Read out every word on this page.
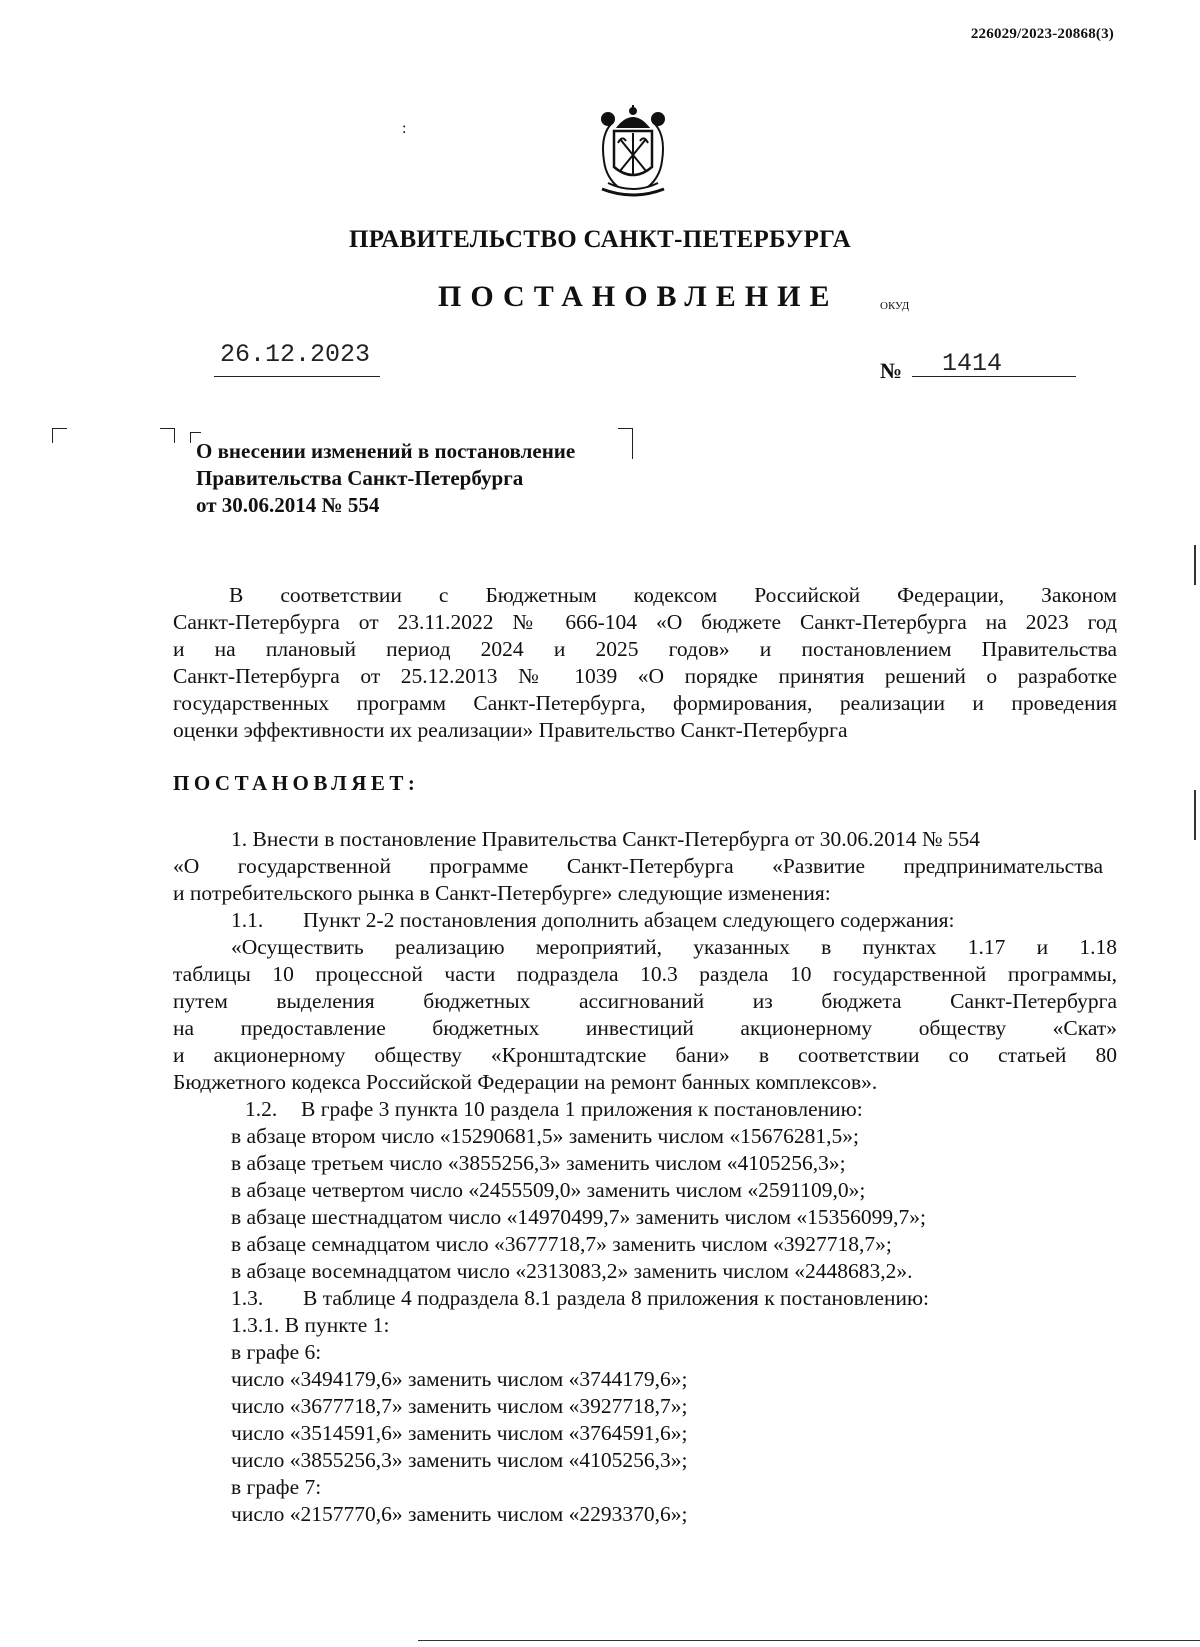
226029/2023-20868(3)
:
ПРАВИТЕЛЬСТВО САНКТ-ПЕТЕРБУРГА
ПОСТАНОВЛЕНИЕ	ОКУД
26.12.2023
№ 1414
О внесении изменений в постановление
Правительства Санкт-Петербурга
от 30.06.2014 № 554
В соответствии с Бюджетным кодексом Российской Федерации, Законом
Санкт-Петербурга от 23.11.2022 № 666-104 «О бюджете Санкт-Петербурга на 2023 год
и на плановый период 2024 и 2025 годов» и постановлением Правительства
Санкт-Петербурга от 25.12.2013 № 1039 «О порядке принятия решений о разработке
государственных программ Санкт-Петербурга, формирования, реализации и проведения
оценки эффективности их реализации» Правительство Санкт-Петербурга
ПОСТАНОВЛЯЕТ:
1. Внести в постановление Правительства Санкт-Петербурга от 30.06.2014 № 554
«О государственной программе Санкт-Петербурга «Развитие предпринимательства
и потребительского рынка в Санкт-Петербурге» следующие изменения:
1.1. Пункт 2-2 постановления дополнить абзацем следующего содержания:
«Осуществить реализацию мероприятий, указанных в пунктах 1.17 и 1.18
таблицы 10 процессной части подраздела 10.3 раздела 10 государственной программы,
путем выделения бюджетных ассигнований из бюджета Санкт-Петербурга
на предоставление бюджетных инвестиций акционерному обществу «Скат»
и акционерному обществу «Кронштадтские бани» в соответствии со статьей 80
Бюджетного кодекса Российской Федерации на ремонт банных комплексов».
1.2. В графе 3 пункта 10 раздела 1 приложения к постановлению:
в абзаце втором число «15290681,5» заменить числом «15676281,5»;
в абзаце третьем число «3855256,3» заменить числом «4105256,3»;
в абзаце четвертом число «2455509,0» заменить числом «2591109,0»;
в абзаце шестнадцатом число «14970499,7» заменить числом «15356099,7»;
в абзаце семнадцатом число «3677718,7» заменить числом «3927718,7»;
в абзаце восемнадцатом число «2313083,2» заменить числом «2448683,2».
1.3. В таблице 4 подраздела 8.1 раздела 8 приложения к постановлению:
1.3.1. В пункте 1:
в графе 6:
число «3494179,6» заменить числом «3744179,6»;
число «3677718,7» заменить числом «3927718,7»;
число «3514591,6» заменить числом «3764591,6»;
число «3855256,3» заменить числом «4105256,3»;
в графе 7:
число «2157770,6» заменить числом «2293370,6»;
